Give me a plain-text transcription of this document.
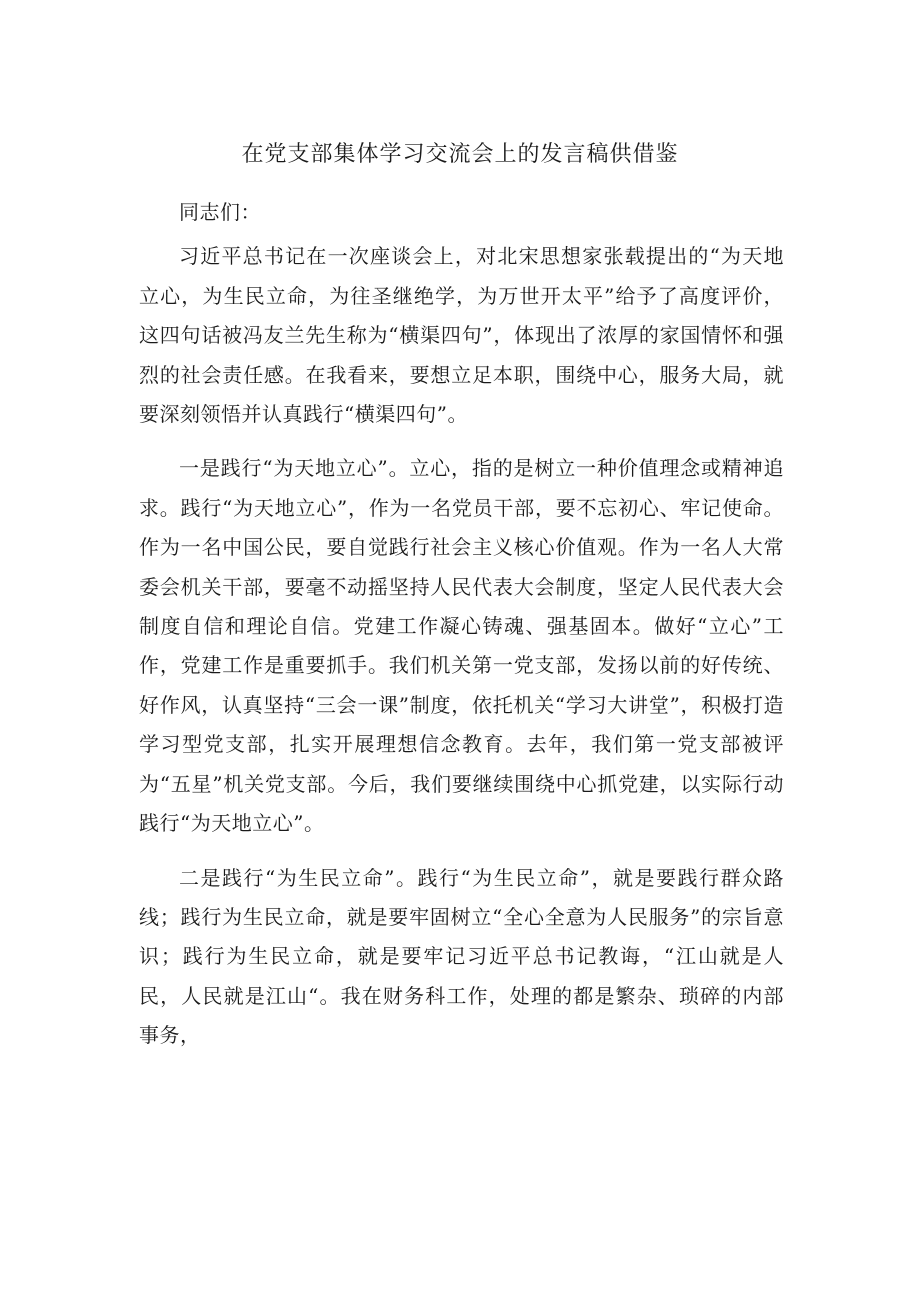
在党支部集体学习交流会上的发言稿供借鉴

同志们：

习近平总书记在一次座谈会上，对北宋思想家张载提出的“为天地立心，为生民立命，为往圣继绝学，为万世开太平”给予了高度评价，这四句话被冯友兰先生称为“横渠四句”，体现出了浓厚的家国情怀和强烈的社会责任感。在我看来，要想立足本职，围绕中心，服务大局，就要深刻领悟并认真践行“横渠四句”。

一是践行“为天地立心”。立心，指的是树立一种价值理念或精神追求。践行“为天地立心”，作为一名党员干部，要不忘初心、牢记使命。作为一名中国公民，要自觉践行社会主义核心价值观。作为一名人大常委会机关干部，要毫不动摇坚持人民代表大会制度，坚定人民代表大会制度自信和理论自信。党建工作凝心铸魂、强基固本。做好“立心”工作，党建工作是重要抓手。我们机关第一党支部，发扬以前的好传统、好作风，认真坚持“三会一课”制度，依托机关“学习大讲堂”，积极打造学习型党支部，扎实开展理想信念教育。去年，我们第一党支部被评为“五星”机关党支部。今后，我们要继续围绕中心抓党建，以实际行动践行“为天地立心”。

二是践行“为生民立命”。践行“为生民立命”，就是要践行群众路线；践行为生民立命，就是要牢固树立“全心全意为人民服务”的宗旨意识；践行为生民立命，就是要牢记习近平总书记教诲，“江山就是人民，人民就是江山“。我在财务科工作，处理的都是繁杂、琐碎的内部事务，
